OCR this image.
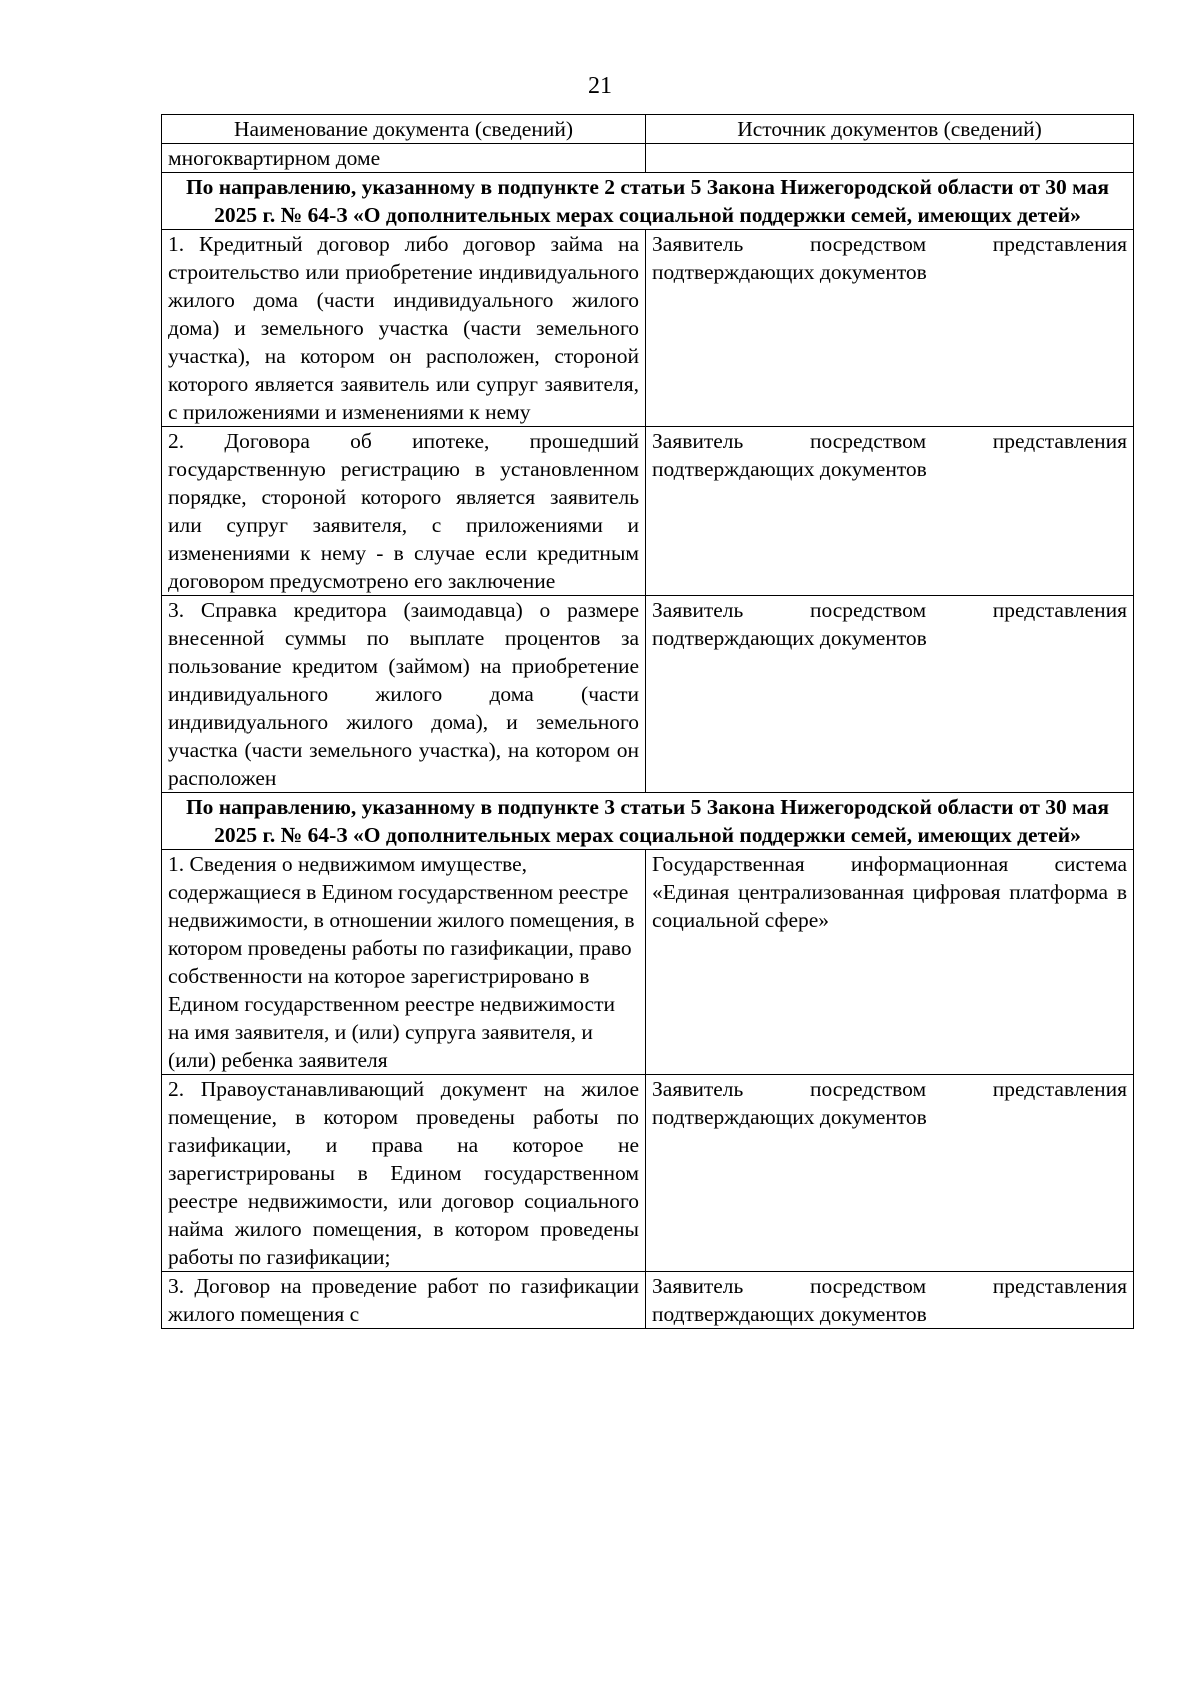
21
Наименование документа (сведений)	Источник документов (сведений)
многоквартирном доме	
По направлению, указанному в подпункте 2 статьи 5 Закона Нижегородской области от 30 мая 2025 г. № 64-З «О дополнительных мерах социальной поддержки семей, имеющих детей»	
1. Кредитный договор либо договор займа на строительство или приобретение индивидуального жилого дома (части индивидуального жилого дома) и земельного участка (части земельного участка), на котором он расположен, стороной которого является заявитель или супруг заявителя, с приложениями и изменениями к нему	Заявитель посредством представления подтверждающих документов
2. Договора об ипотеке, прошедший государственную регистрацию в установленном порядке, стороной которого является заявитель или супруг заявителя, с приложениями и изменениями к нему - в случае если кредитным договором предусмотрено его заключение	Заявитель посредством представления подтверждающих документов
3. Справка кредитора (заимодавца) о размере внесенной суммы по выплате процентов за пользование кредитом (займом) на приобретение индивидуального жилого дома (части индивидуального жилого дома), и земельного участка (части земельного участка), на котором он расположен	Заявитель посредством представления подтверждающих документов
По направлению, указанному в подпункте 3 статьи 5 Закона Нижегородской области от 30 мая 2025 г. № 64-З «О дополнительных мерах социальной поддержки семей, имеющих детей»	
1. Сведения о недвижимом имуществе, содержащиеся в Едином государственном реестре недвижимости, в отношении жилого помещения, в котором проведены работы по газификации, право собственности на которое зарегистрировано в Едином государственном реестре недвижимости на имя заявителя, и (или) супруга заявителя, и (или) ребенка заявителя	Государственная информационная система «Единая централизованная цифровая платформа в социальной сфере»
2. Правоустанавливающий документ на жилое помещение, в котором проведены работы по газификации, и права на которое не зарегистрированы в Едином государственном реестре недвижимости, или договор социального найма жилого помещения, в котором проведены работы по газификации;	Заявитель посредством представления подтверждающих документов
3. Договор на проведение работ по газификации жилого помещения с	Заявитель посредством представления подтверждающих документов
